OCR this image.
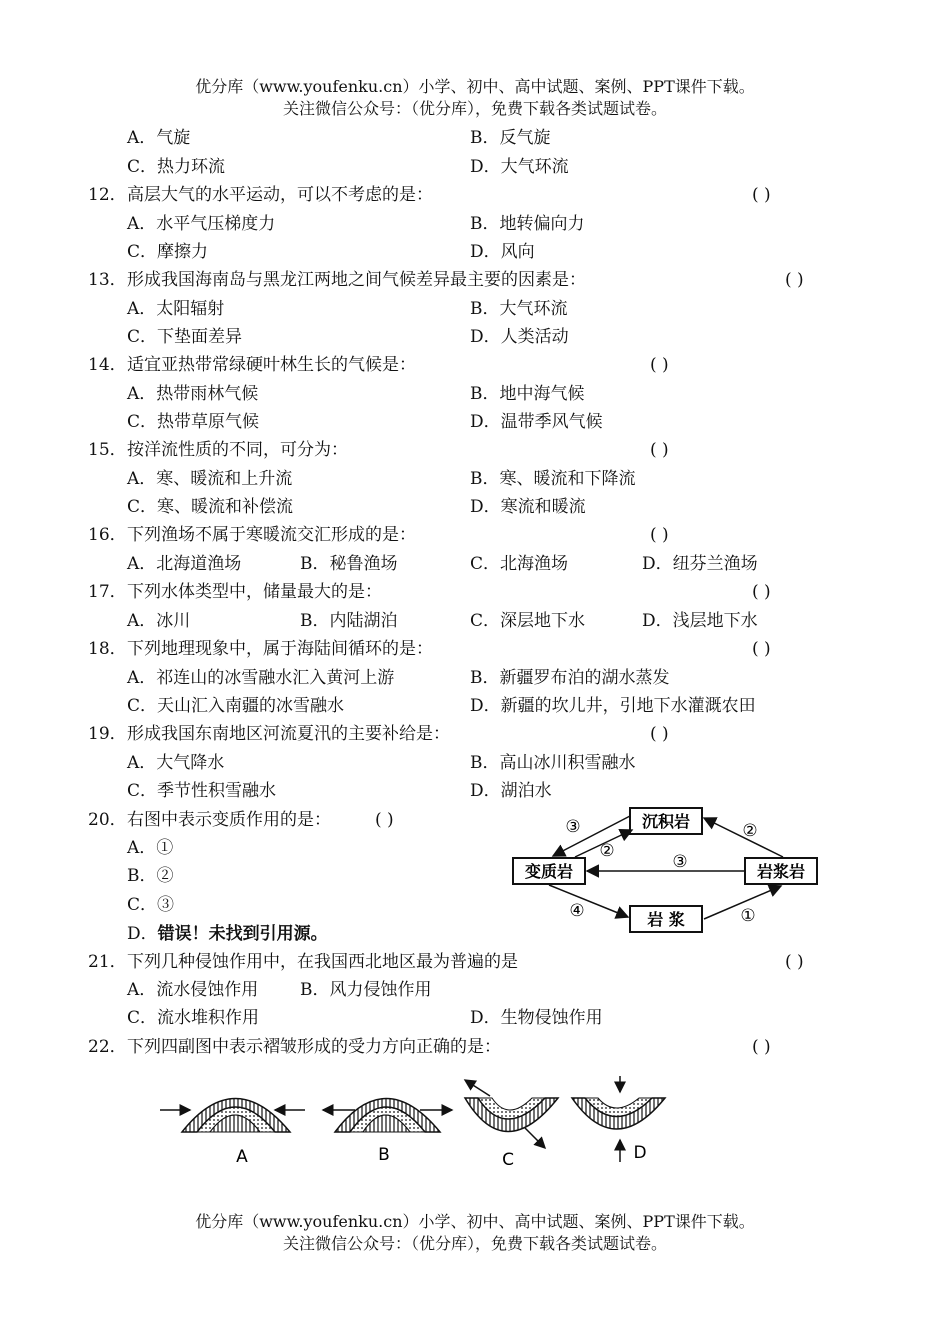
优分库（www.youfenku.cn）小学、初中、高中试题、案例、PPT课件下载。
关注微信公众号：（优分库），免费下载各类试题试卷。
A．气旋	B．反气旋
C．热力环流	D．大气环流
12． 高层大气的水平运动，可以不考虑的是：	( )
A．水平气压梯度力	B．地转偏向力
C．摩擦力	D．风向
13． 形成我国海南岛与黑龙江两地之间气候差异最主要的因素是：	( )
A．太阳辐射	B．大气环流
C．下垫面差异	D．人类活动
14． 适宜亚热带常绿硬叶林生长的气候是：	( )
A．热带雨林气候	B．地中海气候
C．热带草原气候	D．温带季风气候
15． 按洋流性质的不同，可分为：	( )
A．寒、暖流和上升流	B．寒、暖流和下降流
C．寒、暖流和补偿流	D．寒流和暖流
16． 下列渔场不属于寒暖流交汇形成的是：	( )
A．北海道渔场	B．秘鲁渔场	C．北海渔场	D．纽芬兰渔场
17． 下列水体类型中，储量最大的是：	( )
A．冰川	B．内陆湖泊	C．深层地下水	D．浅层地下水
18． 下列地理现象中，属于海陆间循环的是：	( )
A．祁连山的冰雪融水汇入黄河上游	B．新疆罗布泊的湖水蒸发
C．天山汇入南疆的冰雪融水	D．新疆的坎儿井，引地下水灌溉农田
19． 形成我国东南地区河流夏汛的主要补给是：	( )
A．大气降水	B．高山冰川积雪融水
C．季节性积雪融水	D．湖泊水
20． 右图中表示变质作用的是：	( )
A．①
B．②
C．③
D．错误！未找到引用源。
沉积岩
变质岩	岩浆岩
岩 浆
③	②
②
③
④	①
21． 下列几种侵蚀作用中，在我国西北地区最为普遍的是	( )
A．流水侵蚀作用 B．风力侵蚀作用
C．流水堆积作用	D．生物侵蚀作用
22． 下列四副图中表示褶皱形成的受力方向正确的是：	( )
A	B	C	D
优分库（www.youfenku.cn）小学、初中、高中试题、案例、PPT课件下载。
关注微信公众号：（优分库），免费下载各类试题试卷。
